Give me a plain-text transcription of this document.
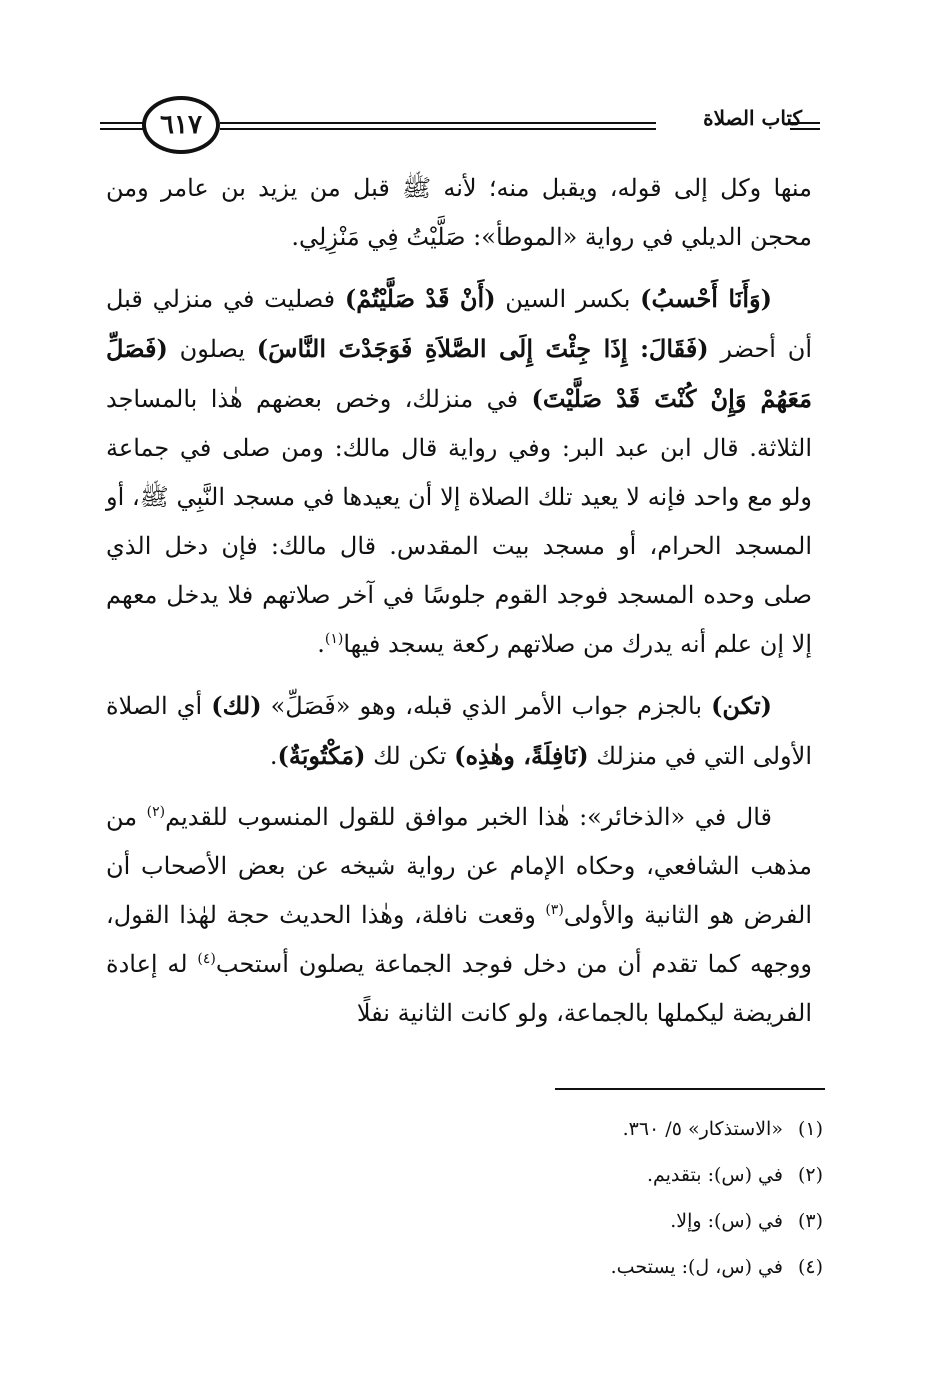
٦١٧	كتاب الصلاة

منها وكل إلى قوله، ويقبل منه؛ لأنه ﷺ قبل من يزيد بن عامر ومن محجن الديلي في رواية «الموطأ»: صَلَّيْتُ فِي مَنْزِلِي.

(وَأَنَا أَحْسبُ) بكسر السين (أَنْ قَدْ صَلَّيْتُمْ) فصليت في منزلي قبل أن أحضر (فَقَالَ: إِذَا جِئْتَ إِلَى الصَّلاَةِ فَوَجَدْتَ النَّاسَ) يصلون (فَصَلِّ مَعَهُمْ وَإِنْ كُنْتَ قَدْ صَلَّيْتَ) في منزلك، وخص بعضهم هٰذا بالمساجد الثلاثة. قال ابن عبد البر: وفي رواية قال مالك: ومن صلى في جماعة ولو مع واحد فإنه لا يعيد تلك الصلاة إلا أن يعيدها في مسجد النَّبِي ﷺ، أو المسجد الحرام، أو مسجد بيت المقدس. قال مالك: فإن دخل الذي صلى وحده المسجد فوجد القوم جلوسًا في آخر صلاتهم فلا يدخل معهم إلا إن علم أنه يدرك من صلاتهم ركعة يسجد فيها$^{(١)}$.

(تكن) بالجزم جواب الأمر الذي قبله، وهو «فَصَلِّ» (لك) أي الصلاة الأولى التي في منزلك (نَافِلَةً، وهٰذِه) تكن لك (مَكْتُوبَةٌ).

قال في «الذخائر»: هٰذا الخبر موافق للقول المنسوب للقديم$^{(٢)}$ من مذهب الشافعي، وحكاه الإمام عن رواية شيخه عن بعض الأصحاب أن الفرض هو الثانية والأولى$^{(٣)}$ وقعت نافلة، وهٰذا الحديث حجة لهٰذا القول، ووجهه كما تقدم أن من دخل فوجد الجماعة يصلون أستحب$^{(٤)}$ له إعادة الفريضة ليكملها بالجماعة، ولو كانت الثانية نفلًا

(١) «الاستذكار» ٥/ ٣٦٠.
(٢) في (س): بتقديم.
(٣) في (س): وإلا.
(٤) في (س، ل): يستحب.
